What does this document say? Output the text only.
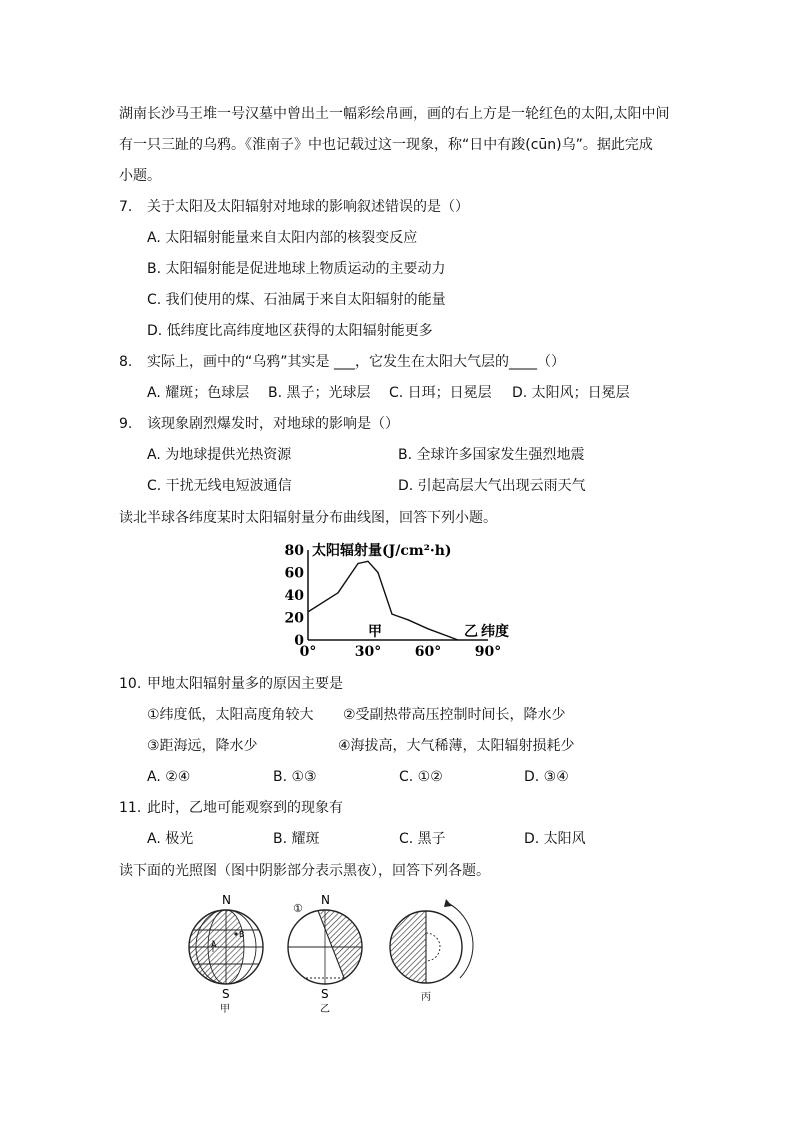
湖南长沙马王堆一号汉墓中曾出土一幅彩绘帛画，画的右上方是一轮红色的太阳,太阳中间
有一只三趾的乌鸦。《淮南子》中也记载过这一现象，称“日中有踆(cūn)乌”。据此完成
小题。
7. 关于太阳及太阳辐射对地球的影响叙述错误的是（）
A. 太阳辐射能量来自太阳内部的核裂变反应
B. 太阳辐射能是促进地球上物质运动的主要动力
C. 我们使用的煤、石油属于来自太阳辐射的能量
D. 低纬度比高纬度地区获得的太阳辐射能更多
8. 实际上，画中的“乌鸦”其实是 ___，它发生在太阳大气层的____（）
A. 耀斑；色球层 B. 黑子；光球层 C. 日珥；日冕层 D. 太阳风；日冕层
9. 该现象剧烈爆发时，对地球的影响是（）
A. 为地球提供光热资源	B. 全球许多国家发生强烈地震
C. 干扰无线电短波通信	D. 引起高层大气出现云雨天气
读北半球各纬度某时太阳辐射量分布曲线图，回答下列小题。
0
20
40
60
80
0°	30° 60° 90°
太阳辐射量(J/cm²·h)
甲	乙 纬度
10. 甲地太阳辐射量多的原因主要是
①纬度低，太阳高度角较大 ②受副热带高压控制时间长，降水少
③距海远，降水少	④海拔高，大气稀薄，太阳辐射损耗少
A. ②④	B. ①③	C. ①②	D. ③④
11. 此时，乙地可能观察到的现象有
A. 极光	B. 耀斑	C. 黑子	D. 太阳风
读下面的光照图（图中阴影部分表示黑夜），回答下列各题。
A
B
N
S
甲
①
N
S
乙
丙
